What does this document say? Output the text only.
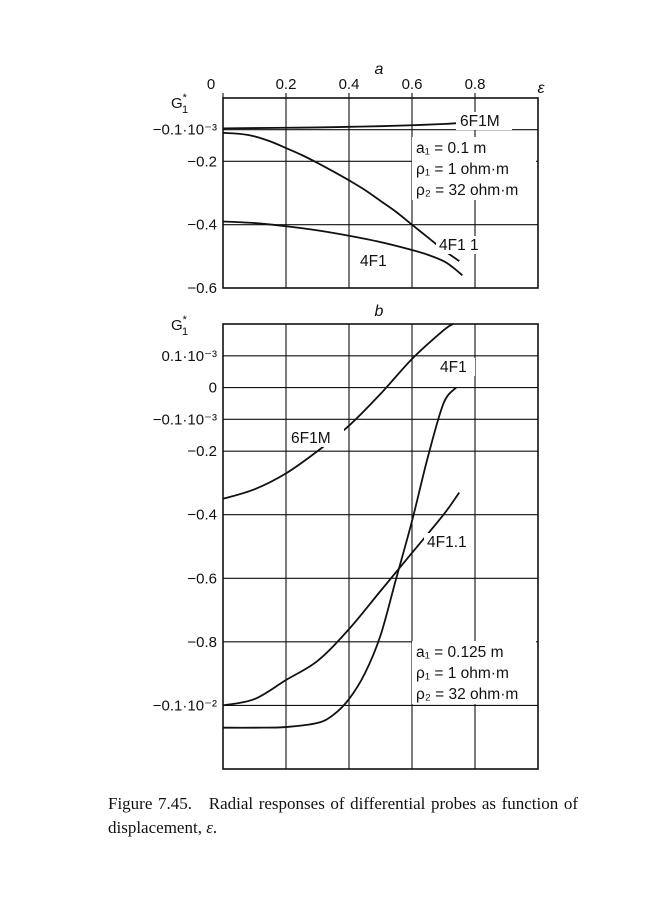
a
G* 1
ε
0	0.2	0.4	0.6	0.8
−0.1·10⁻³
−0.2
−0.4
−0.6
a₁ = 0.1 m
ρ₁ = 1 ohm·m
ρ₂ = 32 ohm·m
6F1M
4F1 1
4F1
b
G* 1
0.1·10⁻³
0
−0.1·10⁻³
−0.2
−0.4
−0.6
−0.8
−0.1·10⁻²
a₁ = 0.125 m
ρ₁ = 1 ohm·m
ρ₂ = 32 ohm·m
4F1
6F1M
4F1.1
Figure 7.45. Radial responses of differential probes as function of displacement, ε.
